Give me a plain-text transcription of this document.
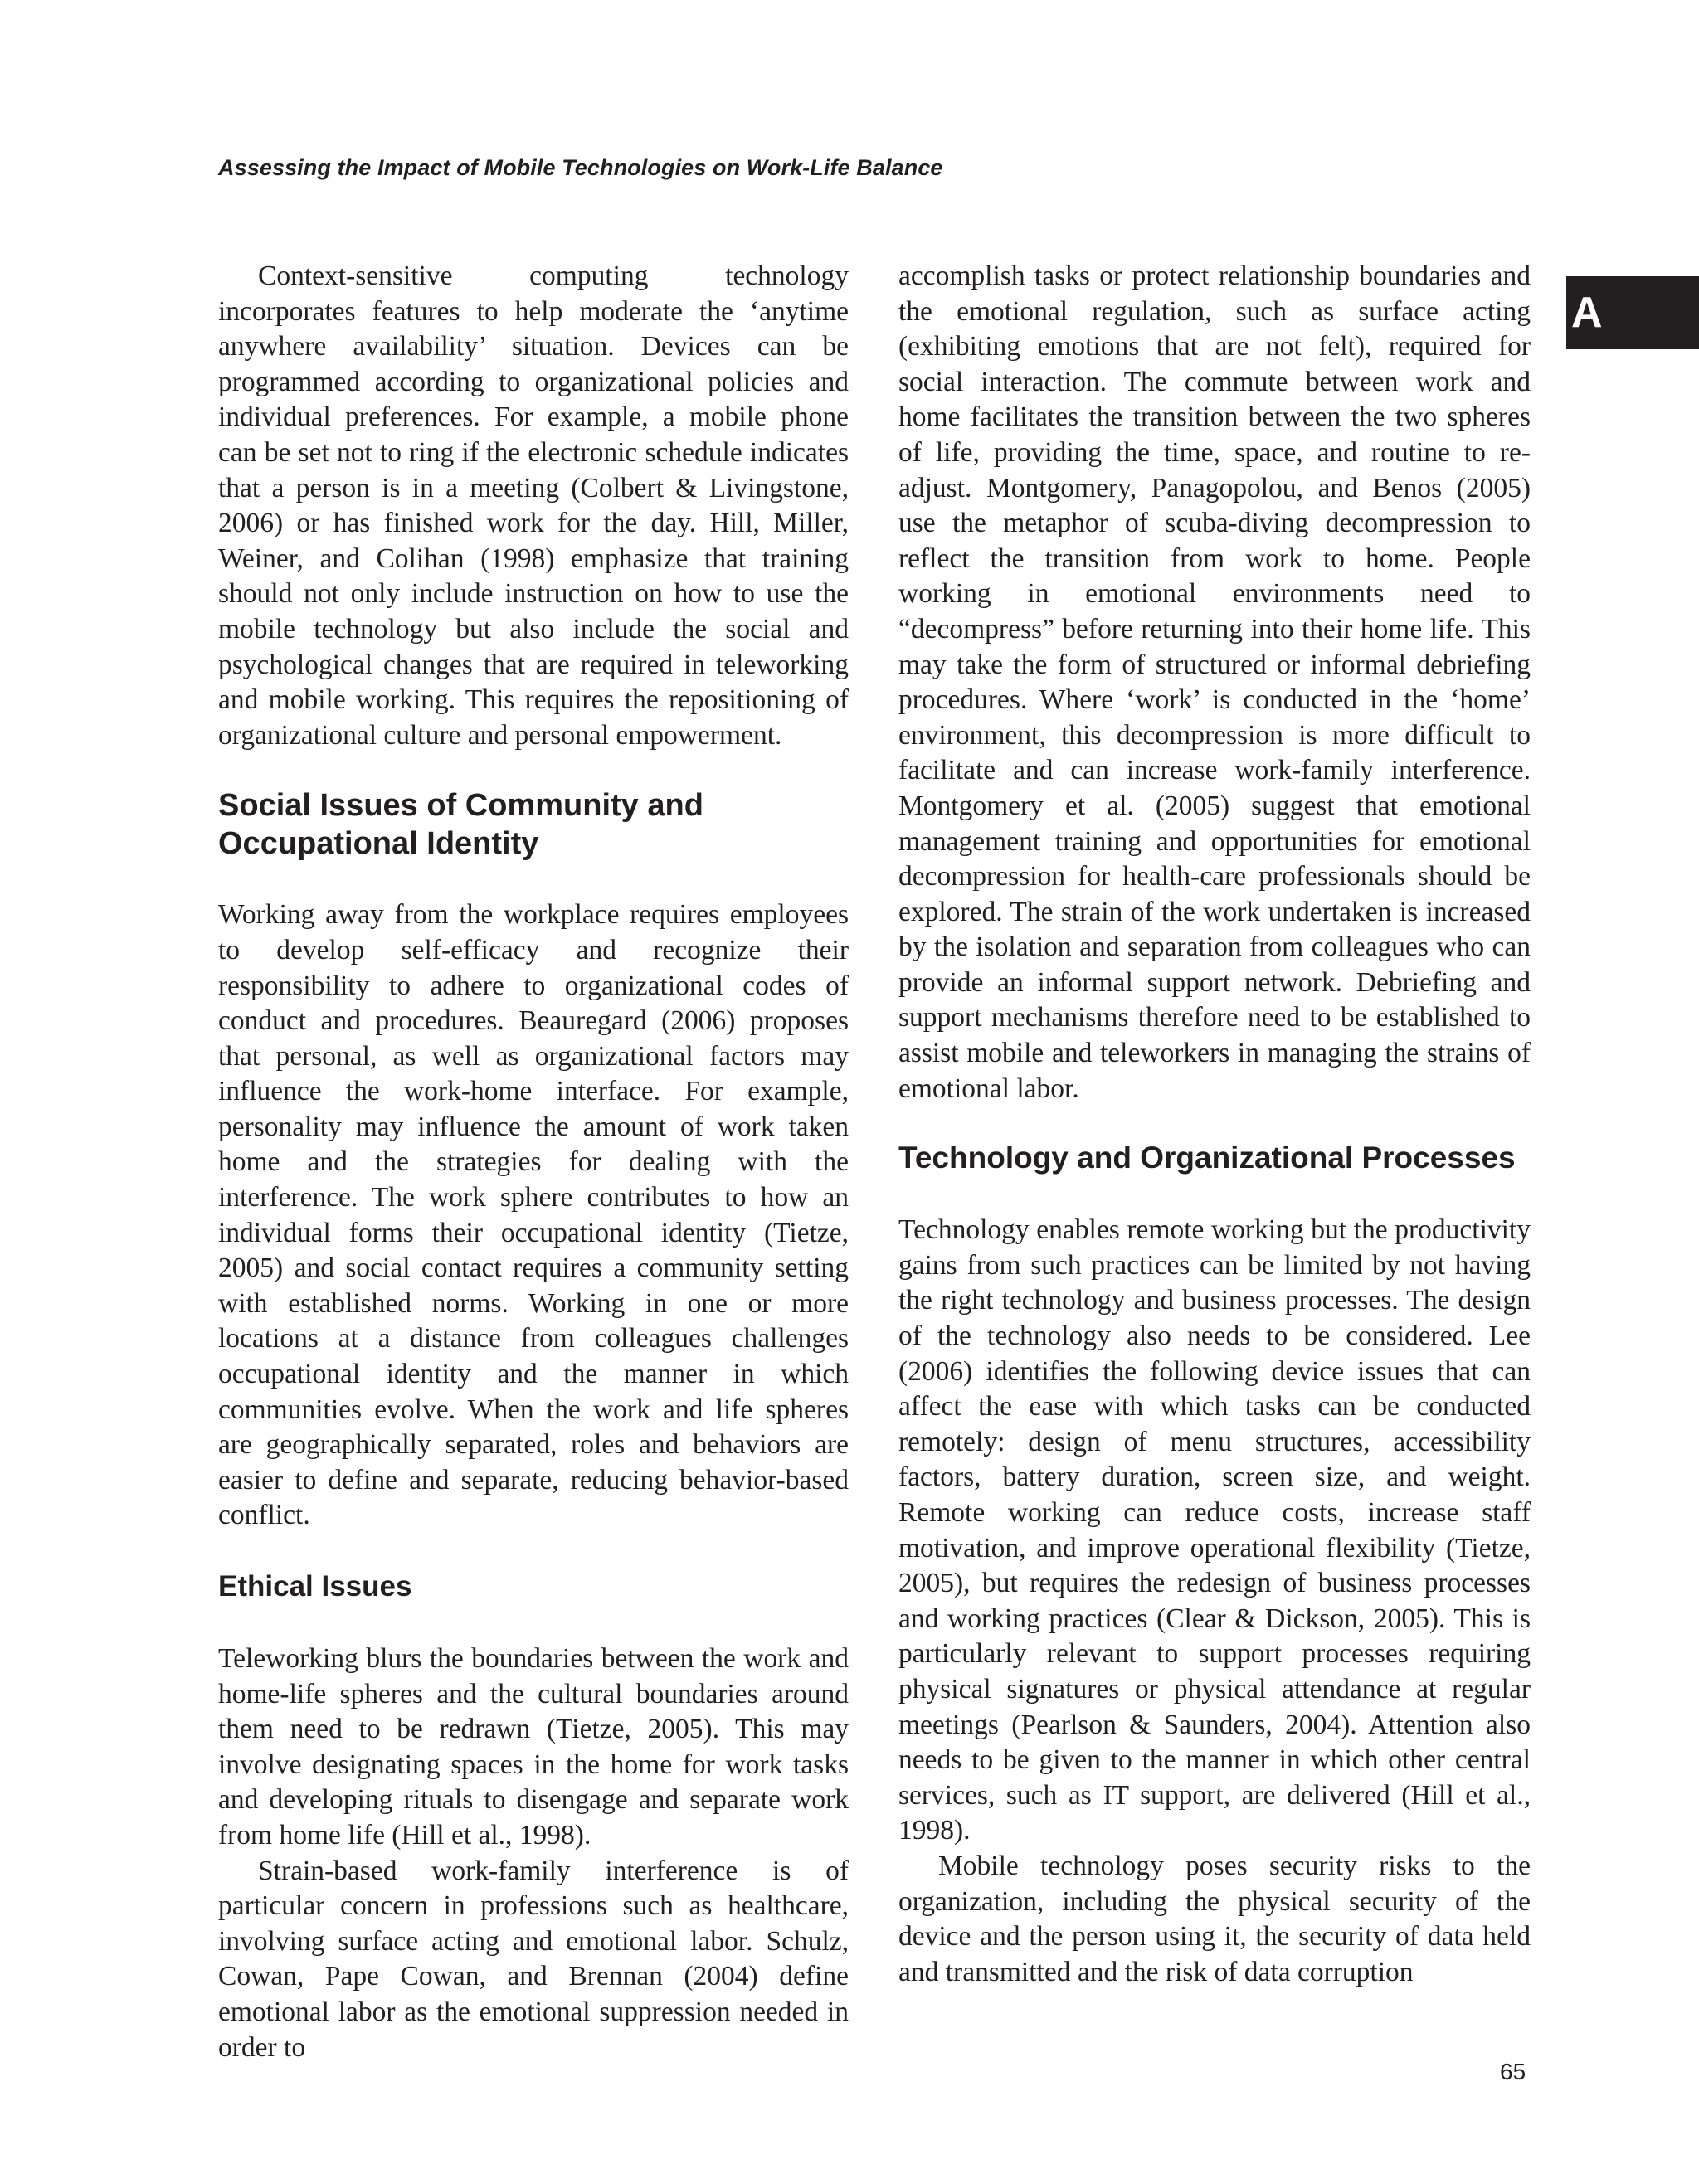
Assessing the Impact of Mobile Technologies on Work-Life Balance
A

Context-sensitive computing technology incorporates features to help moderate the ‘anytime anywhere availability’ situation. Devices can be programmed according to organizational policies and individual preferences. For example, a mobile phone can be set not to ring if the electronic schedule indicates that a person is in a meeting (Colbert & Livingstone, 2006) or has finished work for the day. Hill, Miller, Weiner, and Colihan (1998) emphasize that training should not only include instruction on how to use the mobile technology but also include the social and psychological changes that are required in teleworking and mobile working. This requires the repositioning of organizational culture and personal empowerment.

Social Issues of Community and Occupational Identity

Working away from the workplace requires employees to develop self-efficacy and recognize their responsibility to adhere to organizational codes of conduct and procedures. Beauregard (2006) proposes that personal, as well as organizational factors may influence the work-home interface. For example, personality may influence the amount of work taken home and the strategies for dealing with the interference. The work sphere contributes to how an individual forms their occupational identity (Tietze, 2005) and social contact requires a community setting with established norms. Working in one or more locations at a distance from colleagues challenges occupational identity and the manner in which communities evolve. When the work and life spheres are geographically separated, roles and behaviors are easier to define and separate, reducing behavior-based conflict.

Ethical Issues

Teleworking blurs the boundaries between the work and home-life spheres and the cultural boundaries around them need to be redrawn (Tietze, 2005). This may involve designating spaces in the home for work tasks and developing rituals to disengage and separate work from home life (Hill et al., 1998).

Strain-based work-family interference is of particular concern in professions such as healthcare, involving surface acting and emotional labor. Schulz, Cowan, Pape Cowan, and Brennan (2004) define emotional labor as the emotional suppression needed in order to

accomplish tasks or protect relationship boundaries and the emotional regulation, such as surface acting (exhibiting emotions that are not felt), required for social interaction. The commute between work and home facilitates the transition between the two spheres of life, providing the time, space, and routine to re-adjust. Montgomery, Panagopolou, and Benos (2005) use the metaphor of scuba-diving decompression to reflect the transition from work to home. People working in emotional environments need to “decompress” before returning into their home life. This may take the form of structured or informal debriefing procedures. Where ‘work’ is conducted in the ‘home’ environment, this decompression is more difficult to facilitate and can increase work-family interference. Montgomery et al. (2005) suggest that emotional management training and opportunities for emotional decompression for health-care professionals should be explored. The strain of the work undertaken is increased by the isolation and separation from colleagues who can provide an informal support network. Debriefing and support mechanisms therefore need to be established to assist mobile and teleworkers in managing the strains of emotional labor.

Technology and Organizational Processes

Technology enables remote working but the productivity gains from such practices can be limited by not having the right technology and business processes. The design of the technology also needs to be considered. Lee (2006) identifies the following device issues that can affect the ease with which tasks can be conducted remotely: design of menu structures, accessibility factors, battery duration, screen size, and weight. Remote working can reduce costs, increase staff motivation, and improve operational flexibility (Tietze, 2005), but requires the redesign of business processes and working practices (Clear & Dickson, 2005). This is particularly relevant to support processes requiring physical signatures or physical attendance at regular meetings (Pearlson & Saunders, 2004). Attention also needs to be given to the manner in which other central services, such as IT support, are delivered (Hill et al., 1998).

Mobile technology poses security risks to the organization, including the physical security of the device and the person using it, the security of data held and transmitted and the risk of data corruption

65
